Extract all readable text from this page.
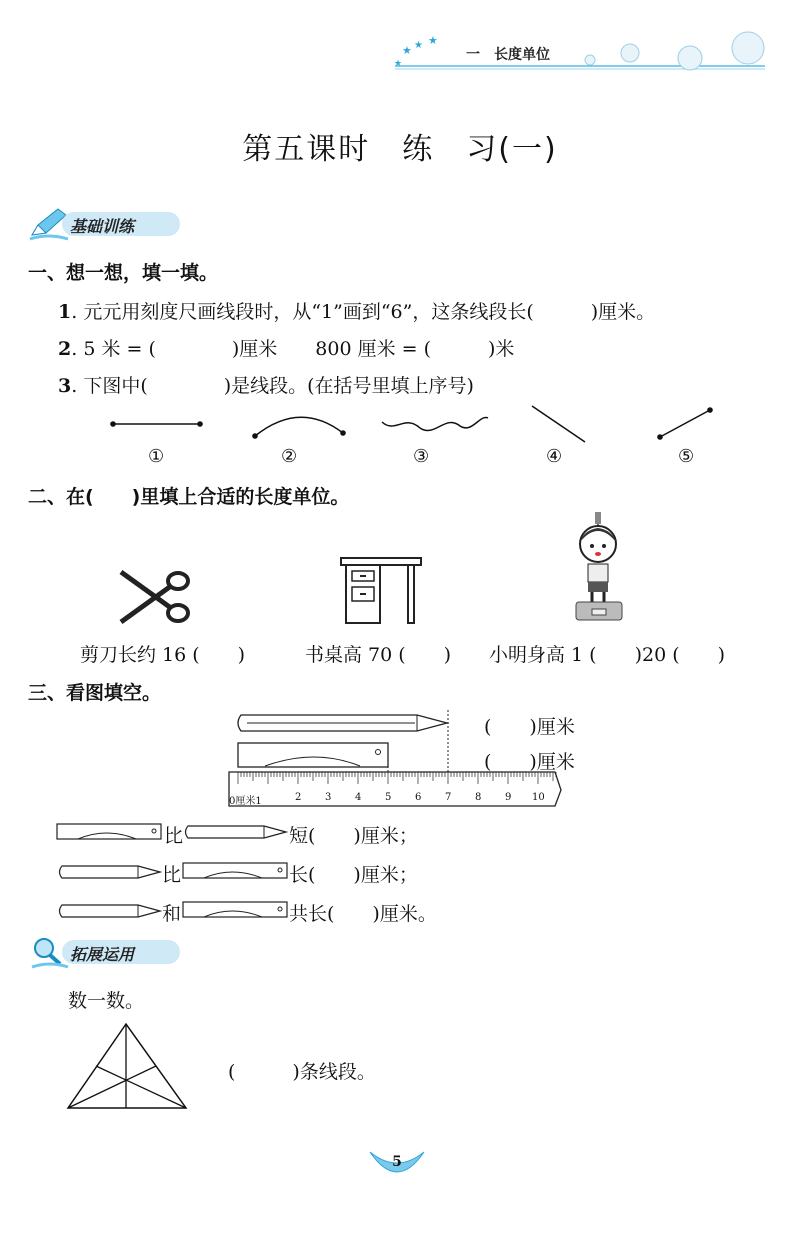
★ ★ ★
★
一　长度单位
第五课时　练　习(一)
基础训练
一、想一想，填一填。
1. 元元用刻度尺画线段时，从“1”画到“6”，这条线段长(　　　)厘米。
2. 5 米 = (　　　　)厘米　　800 厘米 = (　　　)米
3. 下图中(　　　　)是线段。(在括号里填上序号)
①	②	③	④	⑤
二、在(　　)里填上合适的长度单位。
剪刀长约 16 (　　)	书桌高 70 (　　) 小明身高 1 (　　)20 (　　)
三、看图填空。
0厘米1	2 3 4 5 6 7 8 9 10
(　　)厘米
(　　)厘米
比	短(　　)厘米；
比	长(　　)厘米；
和	共长(　　)厘米。
拓展运用
数一数。
(　　　)条线段。
5
